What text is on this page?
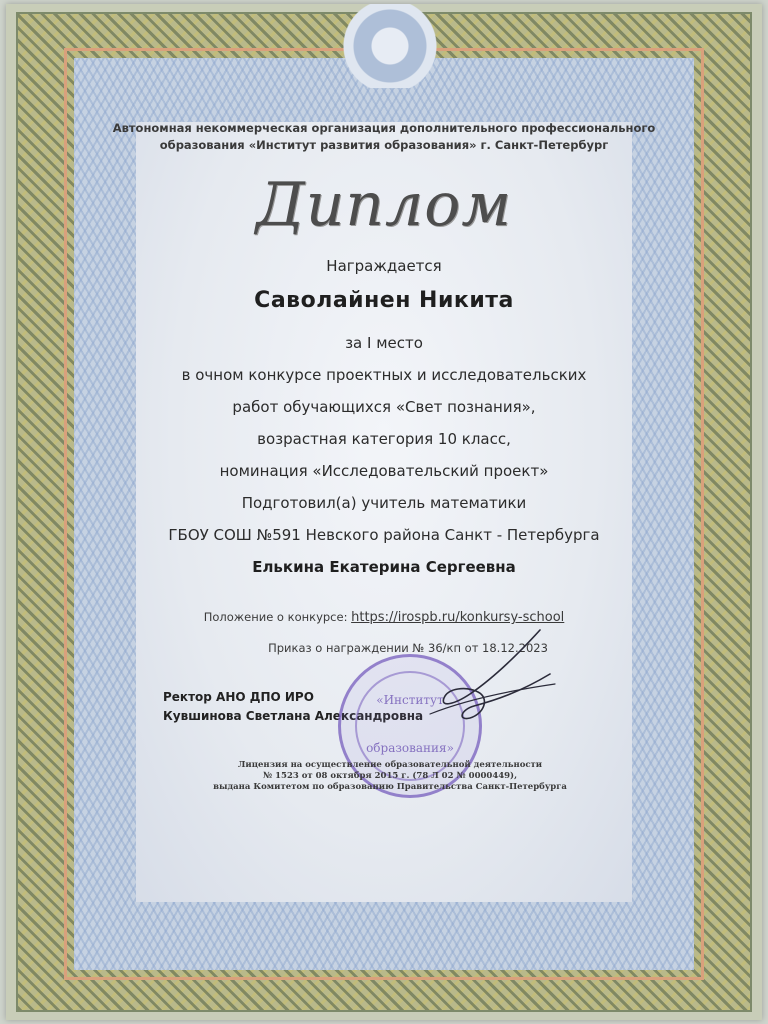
Автономная некоммерческая организация дополнительного профессионального
образования «Институт развития образования» г. Санкт-Петербург
Диплом
Награждается
Саволайнен Никита
за I место
в очном конкурсе проектных и исследовательских
работ обучающихся «Свет познания»,
возрастная категория 10 класс,
номинация «Исследовательский проект»
Подготовил(а) учитель математики
ГБОУ СОШ №591 Невского района Санкт - Петербурга
Елькина Екатерина Сергеевна
Положение о конкурсе: https://irospb.ru/konkursy-school
Приказ о награждении № 36/кп от 18.12.2023
Ректор АНО ДПО ИРО
Кувшинова Светлана Александровна
«Институт
образования»
Лицензия на осуществление образовательной деятельности
№ 1523 от 08 октября 2015 г. (78 Л 02 № 0000449),
выдана Комитетом по образованию Правительства Санкт-Петербурга
